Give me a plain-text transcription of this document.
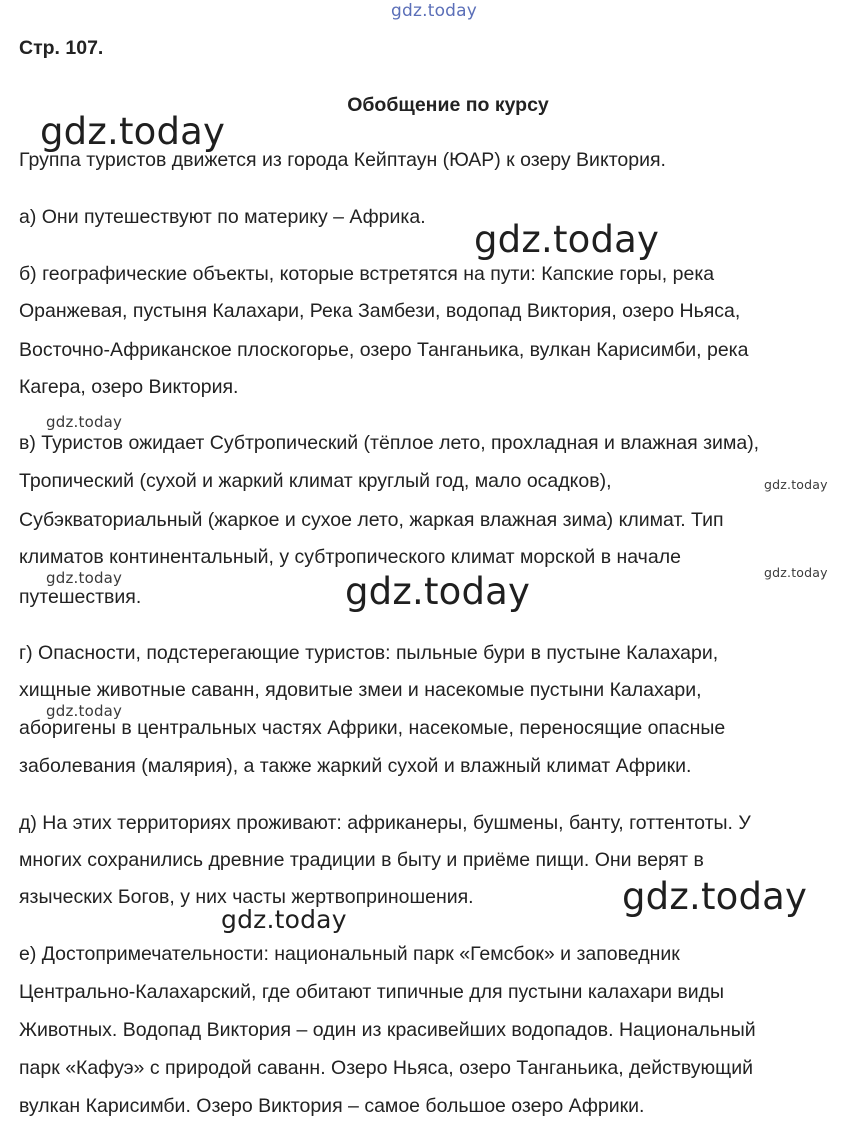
gdz.today
Стр. 107.
Обобщение по курсу
Группа туристов движется из города Кейптаун (ЮАР) к озеру Виктория.
а) Они путешествуют по материку – Африка.
б) географические объекты, которые встретятся на пути: Капские горы, река
Оранжевая, пустыня Калахари, Река Замбези, водопад Виктория, озеро Ньяса,
Восточно-Африканское плоскогорье, озеро Танганьика, вулкан Карисимби, река
Кагера, озеро Виктория.
в) Туристов ожидает Субтропический (тёплое лето, прохладная и влажная зима),
Тропический (сухой и жаркий климат круглый год, мало осадков),
Субэкваториальный (жаркое и сухое лето, жаркая влажная зима) климат. Тип
климатов континентальный, у субтропического климат морской в начале
путешествия.
г) Опасности, подстерегающие туристов: пыльные бури в пустыне Калахари,
хищные животные саванн, ядовитые змеи и насекомые пустыни Калахари,
аборигены в центральных частях Африки, насекомые, переносящие опасные
заболевания (малярия), а также жаркий сухой и влажный климат Африки.
д) На этих территориях проживают: африканеры, бушмены, банту, готтентоты. У
многих сохранились древние традиции в быту и приёме пищи. Они верят в
языческих Богов, у них часты жертвоприношения.
е) Достопримечательности: национальный парк «Гемсбок» и заповедник
Центрально-Калахарский, где обитают типичные для пустыни калахари виды
Животных. Водопад Виктория – один из красивейших водопадов. Национальный
парк «Кафуэ» с природой саванн. Озеро Ньяса, озеро Танганьика, действующий
вулкан Карисимби. Озеро Виктория – самое большое озеро Африки.
gdz.today
gdz.today
gdz.today
gdz.today
gdz.today
gdz.today	gdz.today
gdz.today
gdz.today
gdz.today
